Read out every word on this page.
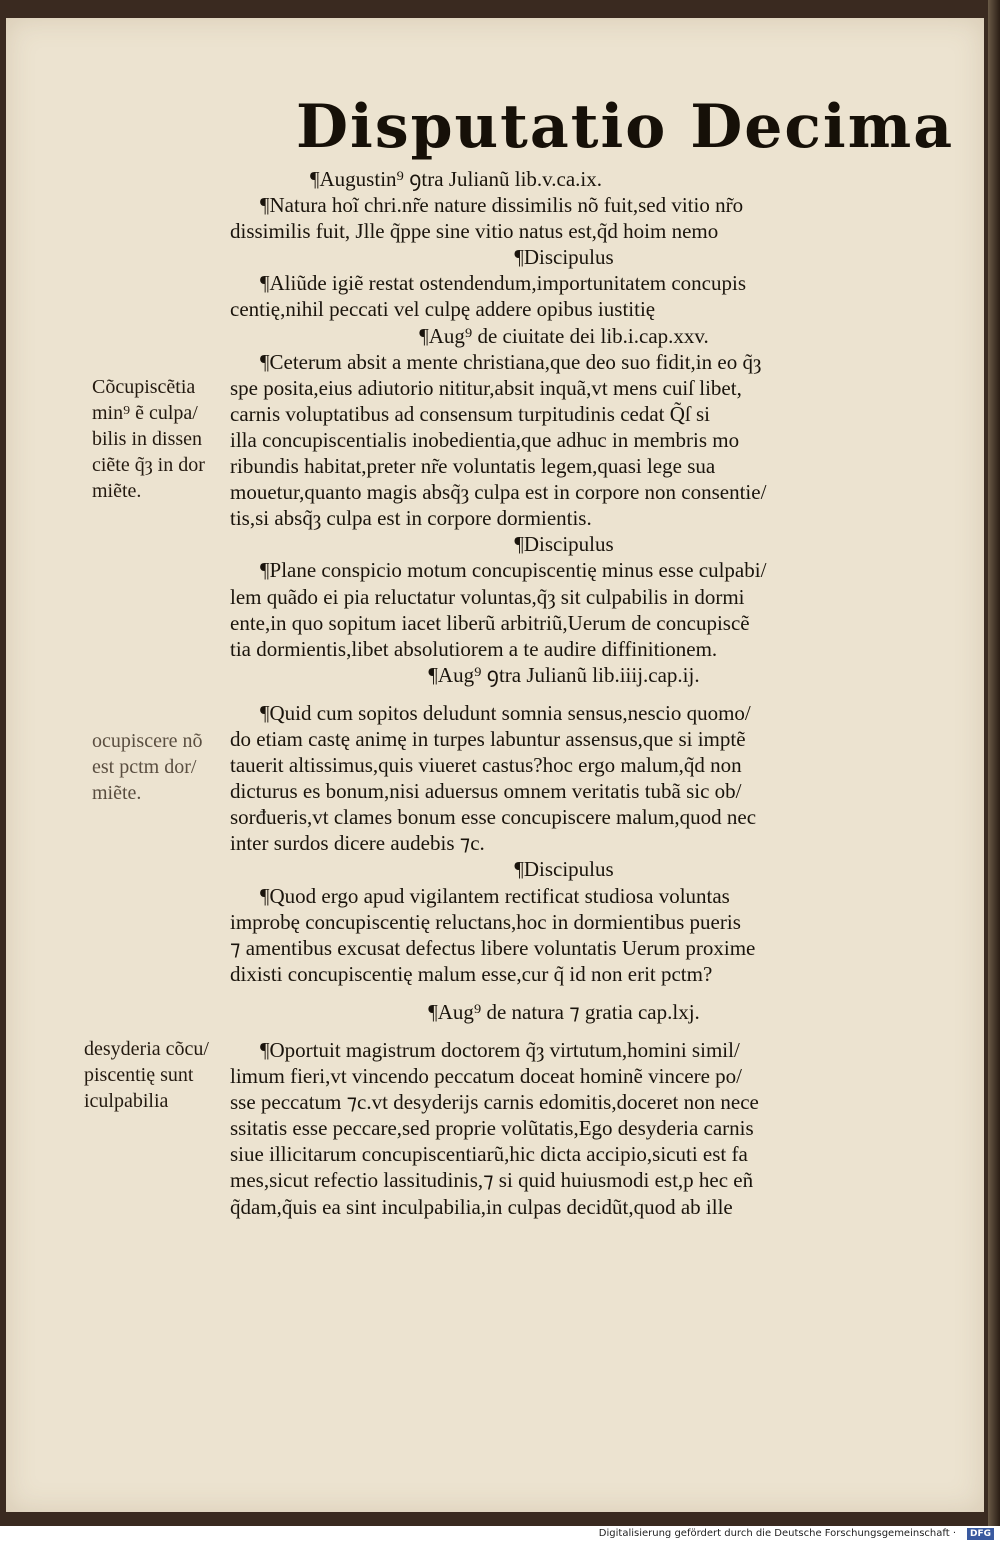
Disputatio Decima
¶Augustin⁹ ꝯtra Julianũ lib.v.ca.ix.
¶Natura hoĩ chri.nr̃e nature dissimilis nõ fuit,sed vitio nr̃o
dissimilis fuit, Jlle q̃ppe sine vitio natus est,q̃d hoim nemo
¶Discipulus
¶Aliũde igiẽ restat ostendendum,importunitatem concupis
centię,nihil peccati vel culpę addere opibus iustitię
¶Aug⁹ de ciuitate dei lib.i.cap.xxv.
¶Ceterum absit a mente christiana,que deo suo fidit,in eo q̃ȝ
spe posita,eius adiutorio nititur,absit inquã,vt mens cuiſ libet,
carnis voluptatibus ad consensum turpitudinis cedat Q̃ſ si
illa concupiscentialis inobedientia,que adhuc in membris mo
ribundis habitat,preter nr̃e voluntatis legem,quasi lege sua
mouetur,quanto magis absq̃ȝ culpa est in corpore non consentie/
tis,si absq̃ȝ culpa est in corpore dormientis.
¶Discipulus
¶Plane conspicio motum concupiscentię minus esse culpabi/
lem quãdo ei pia reluctatur voluntas,q̃ȝ sit culpabilis in dormi
ente,in quo sopitum iacet liberũ arbitriũ,Uerum de concupiscẽ
tia dormientis,libet absolutiorem a te audire diffinitionem.
¶Aug⁹ ꝯtra Julianũ lib.iiij.cap.ij.
¶Quid cum sopitos deludunt somnia sensus,nescio quomo/
do etiam castę animę in turpes labuntur assensus,que si imptẽ
tauerit altissimus,quis viueret castus?hoc ergo malum,q̃d non
dicturus es bonum,nisi aduersus omnem veritatis tubã sic ob/
sorđueris,vt clames bonum esse concupiscere malum,quod nec
inter surdos dicere audebis ⁊c.
¶Discipulus
¶Quod ergo apud vigilantem rectificat studiosa voluntas
improbę concupiscentię reluctans,hoc in dormientibus pueris
⁊ amentibus excusat defectus libere voluntatis Uerum proxime
dixisti concupiscentię malum esse,cur q̃ id non erit pctm?
¶Aug⁹ de natura ⁊ gratia cap.lxj.
¶Oportuit magistrum doctorem q̃ȝ virtutum,homini simil/
limum fieri,vt vincendo peccatum doceat hominẽ vincere po/
sse peccatum ⁊c.vt desyderijs carnis edomitis,doceret non nece
ssitatis esse peccare,sed proprie volũtatis,Ego desyderia carnis
siue illicitarum concupiscentiarũ,hic dicta accipio,sicuti est fa
mes,sicut refectio lassitudinis,⁊ si quid huiusmodi est,p hec eñ
q̃dam,q̃uis ea sint inculpabilia,in culpas decidũt,quod ab ille
Cõcupiscẽtia
min⁹ ẽ culpa/
bilis in dissen
ciẽte q̃ȝ in dor
miẽte.
ocupiscere nõ
est pctm dor/
miẽte.
desyderia cõcu/
piscentię sunt
iculpabilia
Digitalisierung gefördert durch die Deutsche Forschungsgemeinschaft ·	DFG
